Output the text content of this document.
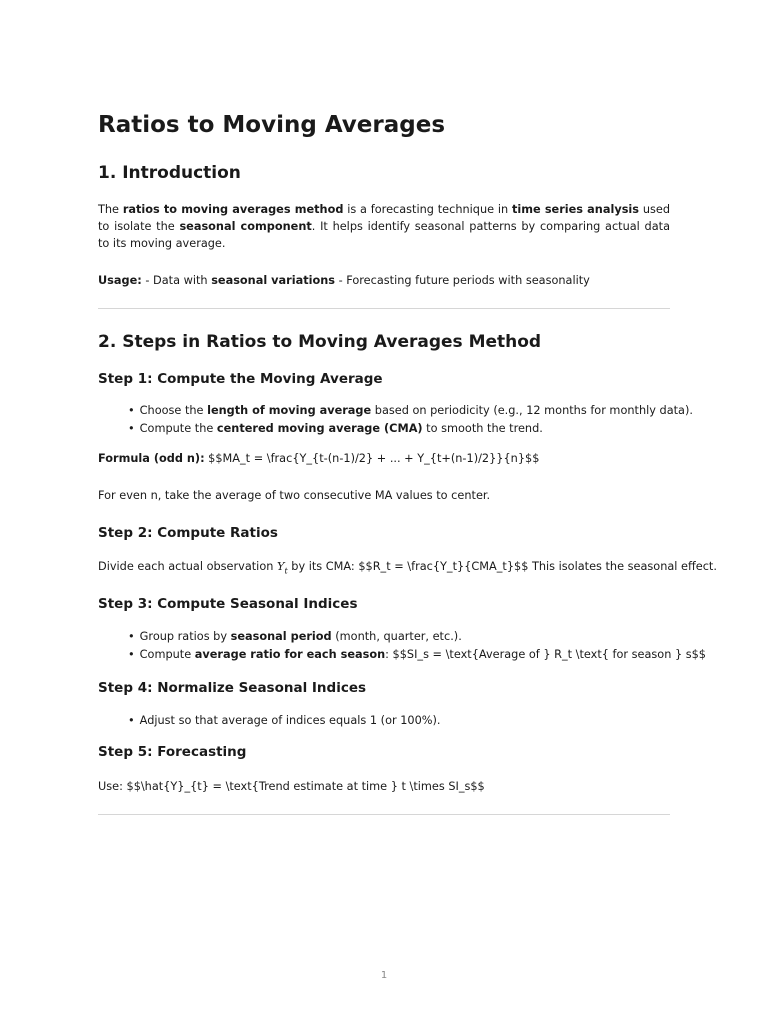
Ratios to Moving Averages
1. Introduction

The ratios to moving averages method is a forecasting technique in time series analysis used to isolate the seasonal component. It helps identify seasonal patterns by comparing actual data to its moving average.

Usage: - Data with seasonal variations - Forecasting future periods with seasonality

2. Steps in Ratios to Moving Averages Method
Step 1: Compute the Moving Average
• Choose the length of moving average based on periodicity (e.g., 12 months for monthly data).
• Compute the centered moving average (CMA) to smooth the trend.

Formula (odd n): $$MA_t = \frac{Y_{t-(n-1)/2} + ... + Y_{t+(n-1)/2}}{n}$$

For even n, take the average of two consecutive MA values to center.

Step 2: Compute Ratios

Divide each actual observation $Y_t$ by its CMA: $$R_t = \frac{Y_t}{CMA_t}$$ This isolates the seasonal effect.

Step 3: Compute Seasonal Indices
• Group ratios by seasonal period (month, quarter, etc.).
• Compute average ratio for each season: $$SI_s = \text{Average of } R_t \text{ for season } s$$
Step 4: Normalize Seasonal Indices
• Adjust so that average of indices equals 1 (or 100%).
Step 5: Forecasting

Use: $$\hat{Y}_{t} = \text{Trend estimate at time } t \times SI_s$$

1
